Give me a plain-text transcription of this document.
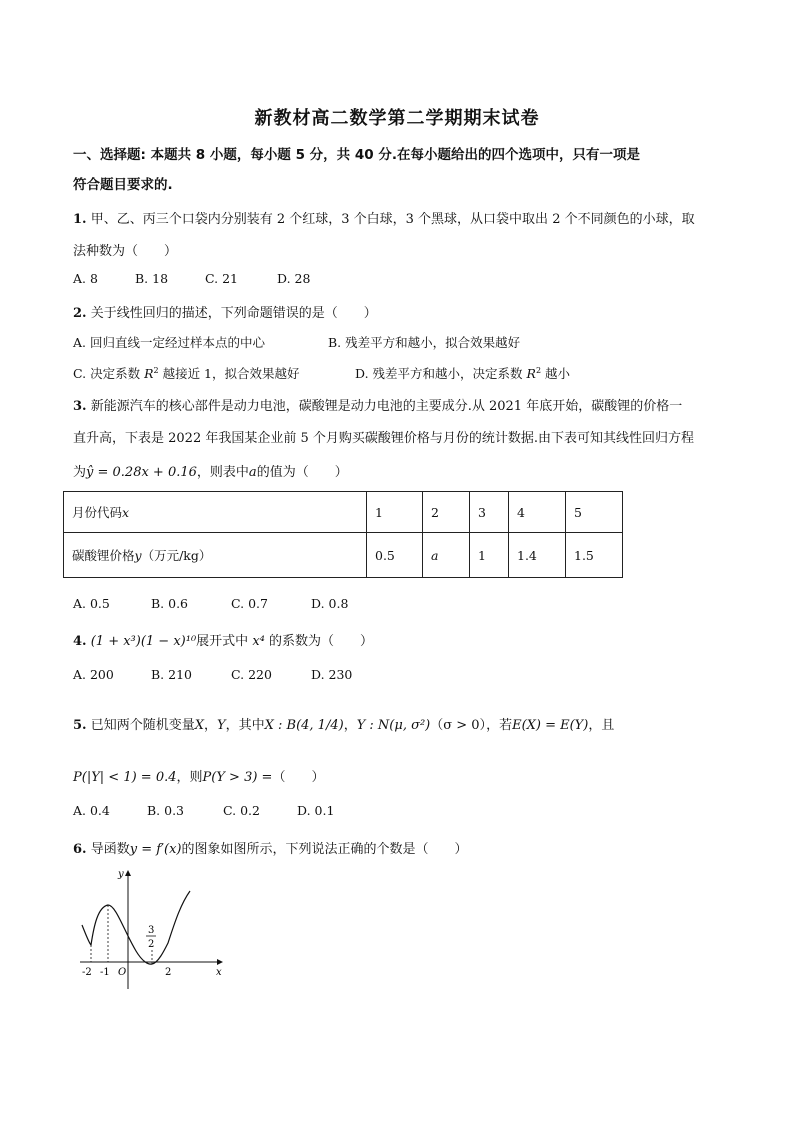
新教材高二数学第二学期期末试卷
一、选择题: 本题共 8 小题，每小题 5 分，共 40 分.在每小题给出的四个选项中，只有一项是
符合题目要求的.
1. 甲、乙、丙三个口袋内分别装有 2 个红球，3 个白球，3 个黑球，从口袋中取出 2 个不同颜色的小球，取
法种数为（　　）
A. 8	B. 18	C. 21	D. 28
2. 关于线性回归的描述，下列命题错误的是（　　）
A. 回归直线一定经过样本点的中心	B. 残差平方和越小，拟合效果越好
C. 决定系数 $R^2$ 越接近 1，拟合效果越好	D. 残差平方和越小，决定系数 $R^2$ 越小
3. 新能源汽车的核心部件是动力电池，碳酸锂是动力电池的主要成分.从 2021 年底开始，碳酸锂的价格一
直升高，下表是 2022 年我国某企业前 5 个月购买碳酸锂价格与月份的统计数据.由下表可知其线性回归方程
为ŷ = 0.28x + 0.16，则表中a的值为（　　）
月份代码x	1	2	3	4	5
碳酸锂价格y（万元/kg）	0.5	a	1	1.4	1.5
A. 0.5	B. 0.6	C. 0.7	D. 0.8
4. (1 + x³)(1 − x)¹⁰展开式中 x⁴ 的系数为（　　）
A. 200	B. 210	C. 220	D. 230
5. 已知两个随机变量X，Y，其中X : B(4, 1/4)，Y : N(μ, σ²)（σ > 0），若E(X) = E(Y)，且
P(|Y| < 1) = 0.4，则P(Y > 3) =（　　）
A. 0.4	B. 0.3	C. 0.2	D. 0.1
6. 导函数y = f′(x)的图象如图所示，下列说法正确的个数是（　　）
y
x
O
-2 -1	2
3
2
